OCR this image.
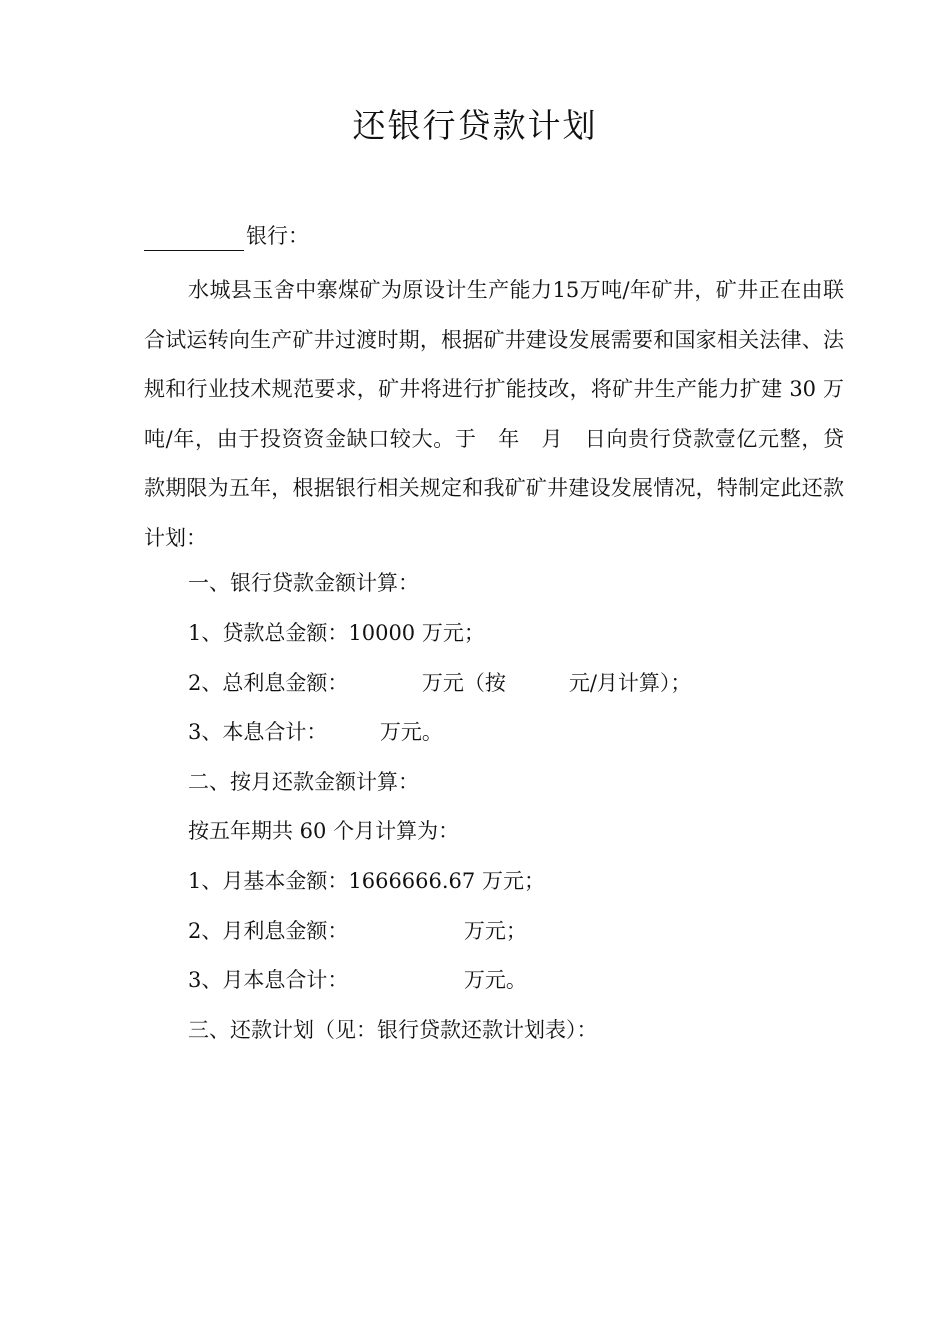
还银行贷款计划
银行：
水城县玉舍中寨煤矿为原设计生产能力15万吨/年矿井，矿井正在由联合试运转向生产矿井过渡时期，根据矿井建设发展需要和国家相关法律、法规和行业技术规范要求，矿井将进行扩能技改，将矿井生产能力扩建 30 万吨/年，由于投资资金缺口较大。于　年　月　日向贵行贷款壹亿元整，贷款期限为五年，根据银行相关规定和我矿矿井建设发展情况，特制定此还款计划：
一、银行贷款金额计算：
1、贷款总金额：10000 万元；
2、总利息金额：　　　　万元（按　　　元/月计算）；
3、本息合计：　　　万元。
二、按月还款金额计算：
按五年期共 60 个月计算为：
1、月基本金额：1666666.67 万元；
2、月利息金额：　　　　　　万元；
3、月本息合计：　　　　　　万元。
三、还款计划（见：银行贷款还款计划表）：
